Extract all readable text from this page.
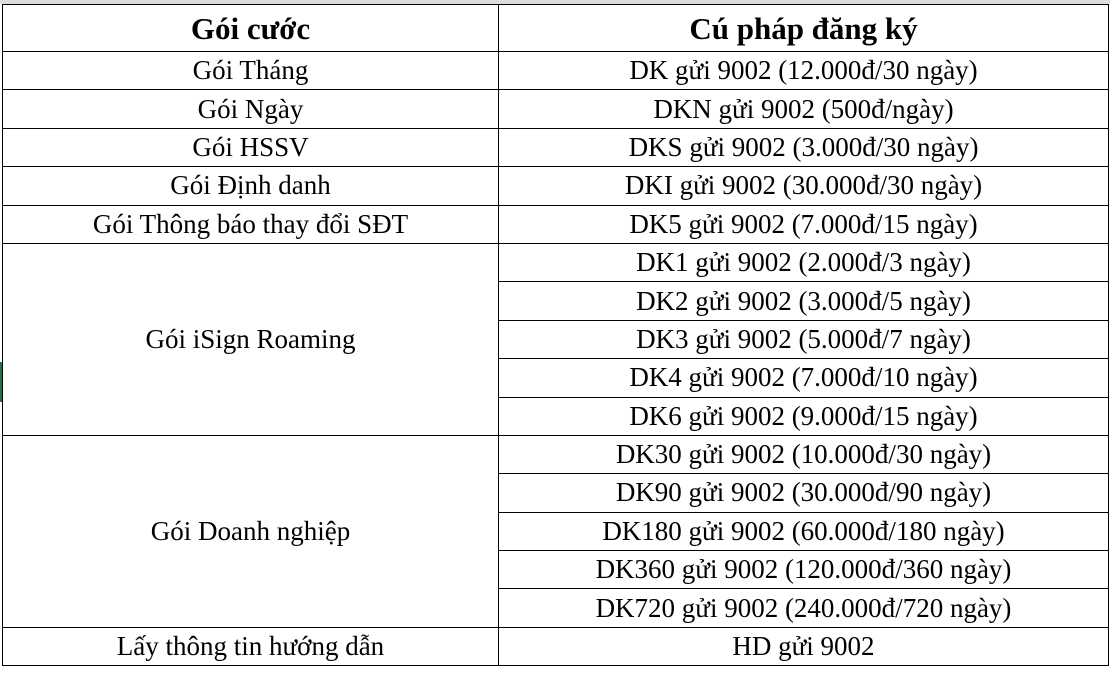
Gói cước	Cú pháp đăng ký
Gói Tháng	DK gửi 9002 (12.000đ/30 ngày)
Gói Ngày	DKN gửi 9002 (500đ/ngày)
Gói HSSV	DKS gửi 9002 (3.000đ/30 ngày)
Gói Định danh	DKI gửi 9002 (30.000đ/30 ngày)
Gói Thông báo thay đổi SĐT	DK5 gửi 9002 (7.000đ/15 ngày)
Gói iSign Roaming	DK1 gửi 9002 (2.000đ/3 ngày)
	DK2 gửi 9002 (3.000đ/5 ngày)
	DK3 gửi 9002 (5.000đ/7 ngày)
	DK4 gửi 9002 (7.000đ/10 ngày)
	DK6 gửi 9002 (9.000đ/15 ngày)
Gói Doanh nghiệp	DK30 gửi 9002 (10.000đ/30 ngày)
	DK90 gửi 9002 (30.000đ/90 ngày)
	DK180 gửi 9002 (60.000đ/180 ngày)
	DK360 gửi 9002 (120.000đ/360 ngày)
	DK720 gửi 9002 (240.000đ/720 ngày)
Lấy thông tin hướng dẫn	HD gửi 9002
